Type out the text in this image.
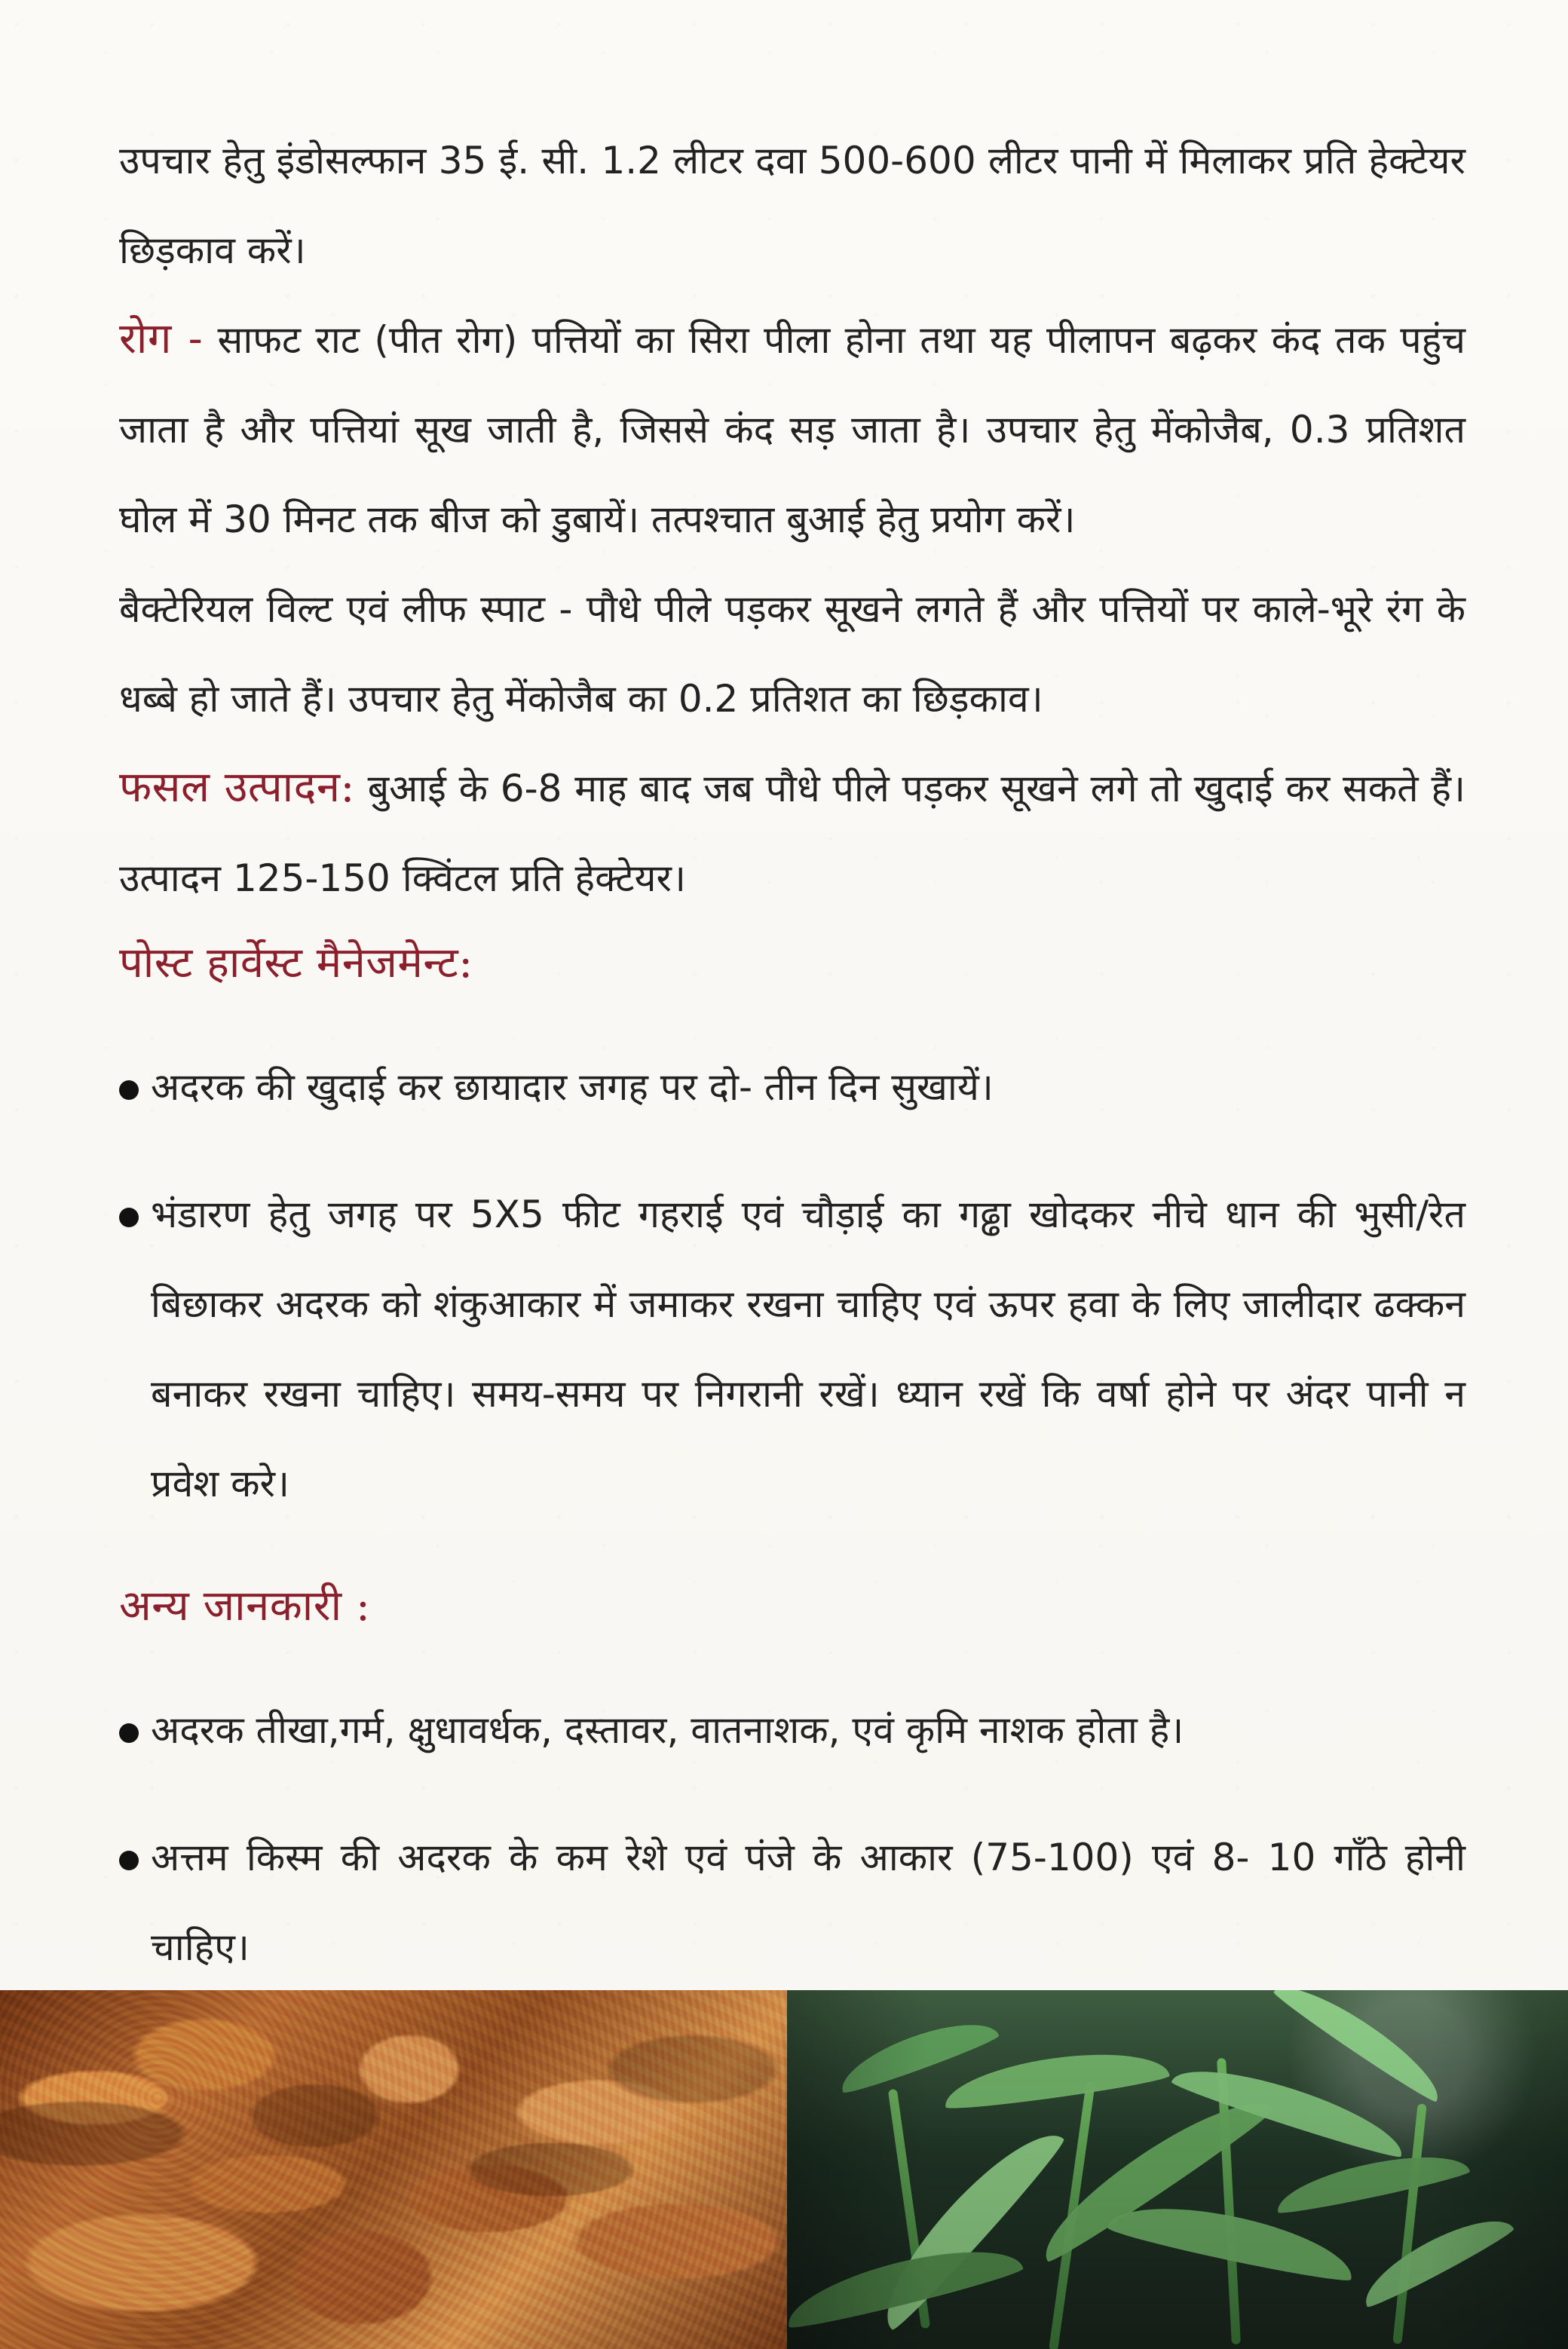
उपचार हेतु इंडोसल्फान 35 ई. सी. 1.2 लीटर दवा 500-600 लीटर पानी में मिलाकर प्रति हेक्टेयर छिड़काव करें।

रोग - साफट राट (पीत रोग) पत्तियों का सिरा पीला होना तथा यह पीलापन बढ़कर कंद तक पहुंच जाता है और पत्तियां सूख जाती है, जिससे कंद सड़ जाता है। उपचार हेतु मेंकोजैब, 0.3 प्रतिशत घोल में 30 मिनट तक बीज को डुबायें। तत्पश्चात बुआई हेतु प्रयोग करें।

बैक्टेरियल विल्ट एवं लीफ स्पाट - पौधे पीले पड़कर सूखने लगते हैं और पत्तियों पर काले-भूरे रंग के धब्बे हो जाते हैं। उपचार हेतु मेंकोजैब का 0.2 प्रतिशत का छिड़काव।

फसल उत्पादन: बुआई के 6-8 माह बाद जब पौधे पीले पड़कर सूखने लगे तो खुदाई कर सकते हैं। उत्पादन 125-150 क्विंटल प्रति हेक्टेयर।

पोस्ट हार्वेस्ट मैनेजमेन्ट:

अदरक की खुदाई कर छायादार जगह पर दो- तीन दिन सुखायें।

भंडारण हेतु जगह पर 5X5 फीट गहराई एवं चौड़ाई का गढ्ढा खोदकर नीचे धान की भुसी/रेत बिछाकर अदरक को शंकुआकार में जमाकर रखना चाहिए एवं ऊपर हवा के लिए जालीदार ढक्कन बनाकर रखना चाहिए। समय-समय पर निगरानी रखें। ध्यान रखें कि वर्षा होने पर अंदर पानी न प्रवेश करे।

अन्य जानकारी :

अदरक तीखा,गर्म, क्षुधावर्धक, दस्तावर, वातनाशक, एवं कृमि नाशक होता है।

अत्तम किस्म की अदरक के कम रेशे एवं पंजे के आकार (75-100) एवं 8- 10 गाँठे होनी चाहिए।
